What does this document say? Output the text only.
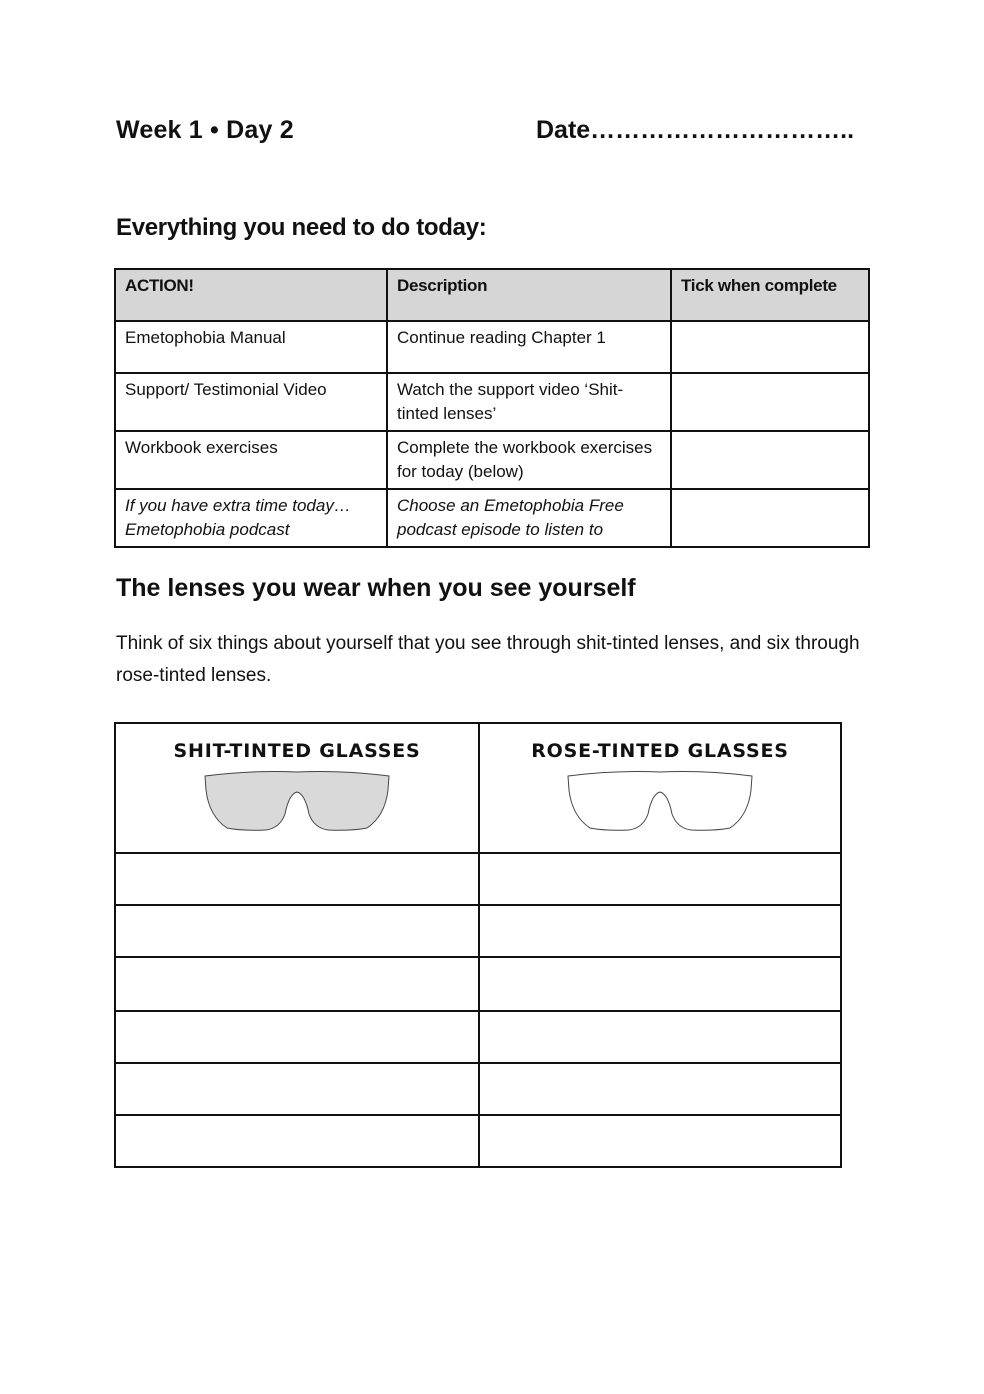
Week 1 • Day 2	Date…………………………..
Everything you need to do today:
ACTION!	Description	Tick when complete
Emetophobia Manual	Continue reading Chapter 1	
Support/ Testimonial Video	Watch the support video ‘Shit-tinted lenses’	
Workbook exercises	Complete the workbook exercises for today (below)	
If you have extra time today…
Emetophobia podcast	Choose an Emetophobia Free podcast episode to listen to	
The lenses you wear when you see yourself
Think of six things about yourself that you see through shit-tinted lenses, and six through rose-tinted lenses.
SHIT-TINTED GLASSES	ROSE-TINTED GLASSES
